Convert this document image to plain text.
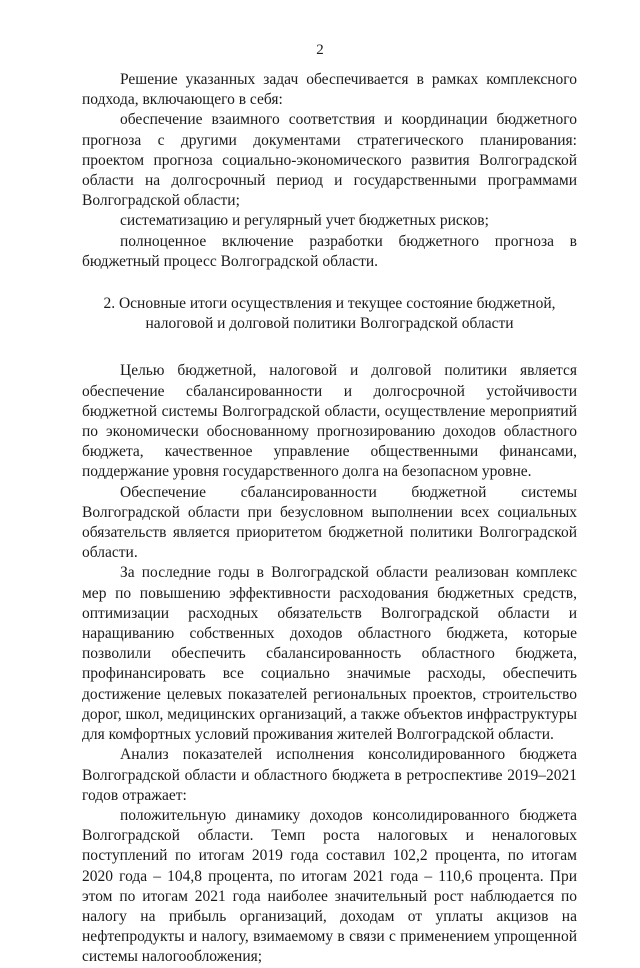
2

Решение указанных задач обеспечивается в рамках комплексного подхода, включающего в себя:

обеспечение взаимного соответствия и координации бюджетного прогноза с другими документами стратегического планирования: проектом прогноза социально-экономического развития Волгоградской области на долгосрочный период и государственными программами Волгоградской области;

систематизацию и регулярный учет бюджетных рисков;

полноценное включение разработки бюджетного прогноза в бюджетный процесс Волгоградской области.

2. Основные итоги осуществления и текущее состояние бюджетной,
налоговой и долговой политики Волгоградской области

Целью бюджетной, налоговой и долговой политики является обеспечение сбалансированности и долгосрочной устойчивости бюджетной системы Волгоградской области, осуществление мероприятий по экономически обоснованному прогнозированию доходов областного бюджета, качественное управление общественными финансами, поддержание уровня государственного долга на безопасном уровне.

Обеспечение сбалансированности бюджетной системы Волгоградской области при безусловном выполнении всех социальных обязательств является приоритетом бюджетной политики Волгоградской области.

За последние годы в Волгоградской области реализован комплекс мер по повышению эффективности расходования бюджетных средств, оптимизации расходных обязательств Волгоградской области и наращиванию собственных доходов областного бюджета, которые позволили обеспечить сбалансированность областного бюджета, профинансировать все социально значимые расходы, обеспечить достижение целевых показателей региональных проектов, строительство дорог, школ, медицинских организаций, а также объектов инфраструктуры для комфортных условий проживания жителей Волгоградской области.

Анализ показателей исполнения консолидированного бюджета Волгоградской области и областного бюджета в ретроспективе 2019–2021 годов отражает:

положительную динамику доходов консолидированного бюджета Волгоградской области. Темп роста налоговых и неналоговых поступлений по итогам 2019 года составил 102,2 процента, по итогам 2020 года – 104,8 процента, по итогам 2021 года – 110,6 процента. При этом по итогам 2021 года наиболее значительный рост наблюдается по налогу на прибыль организаций, доходам от уплаты акцизов на нефтепродукты и налогу, взимаемому в связи с применением упрощенной системы налогообложения;
